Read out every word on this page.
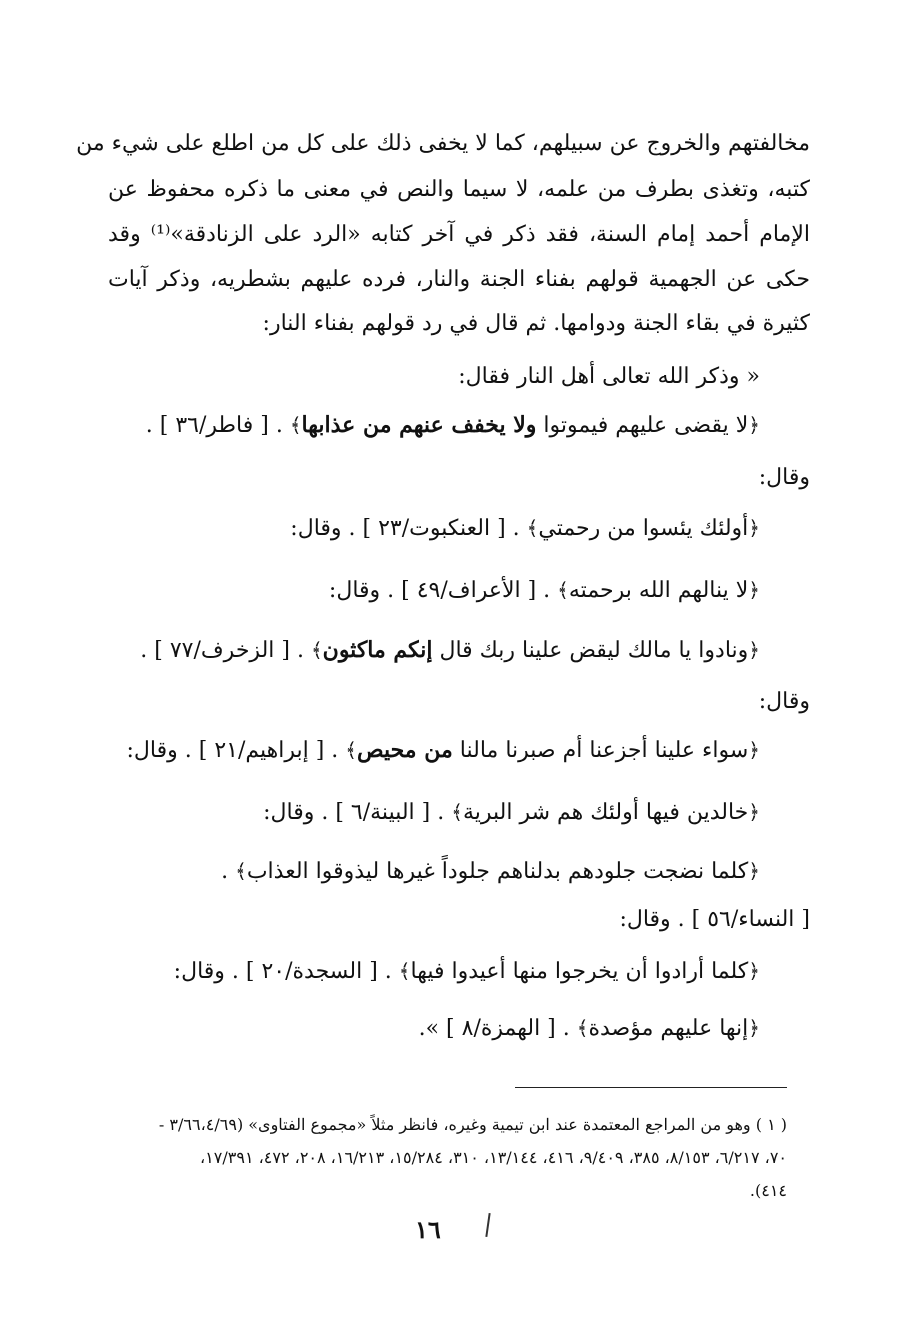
مخالفتهم والخروج عن سبيلهم، كما لا يخفى ذلك على كل من اطلع على شيء من
كتبه، وتغذى بطرف من علمه، لا سيما والنص في معنى ما ذكره محفوظ عن
الإمام أحمد إمام السنة، فقد ذكر في آخر كتابه «الرد على الزنادقة»⁽¹⁾ وقد
حكى عن الجهمية قولهم بفناء الجنة والنار، فرده عليهم بشطريه، وذكر آيات
كثيرة في بقاء الجنة ودوامها. ثم قال في رد قولهم بفناء النار:
« وذكر الله تعالى أهل النار فقال:
﴿لا يقضى عليهم فيموتوا ولا يخفف عنهم من عذابها﴾ . [ فاطر/٣٦ ] .
وقال:
﴿أولئك يئسوا من رحمتي﴾ . [ العنكبوت/٢٣ ] . وقال:
﴿لا ينالهم الله برحمته﴾ . [ الأعراف/٤٩ ] . وقال:
﴿ونادوا يا مالك ليقض علينا ربك قال إنكم ماكثون﴾ . [ الزخرف/٧٧ ] .
وقال:
﴿سواء علينا أجزعنا أم صبرنا مالنا من محيص﴾ . [ إبراهيم/٢١ ] . وقال:
﴿خالدين فيها أولئك هم شر البرية﴾ . [ البينة/٦ ] . وقال:
﴿كلما نضجت جلودهم بدلناهم جلوداً غيرها ليذوقوا العذاب﴾ .
[ النساء/٥٦ ] . وقال:
﴿كلما أرادوا أن يخرجوا منها أعيدوا فيها﴾ . [ السجدة/٢٠ ] . وقال:
﴿إنها عليهم مؤصدة﴾ . [ الهمزة/٨ ] ».
( ١ ) وهو من المراجع المعتمدة عند ابن تيمية وغيره، فانظر مثلاً «مجموع الفتاوى» (٣/٦٦،٤/٦٩ -
٧٠، ٦/٢١٧، ٨/١٥٣، ٣٨٥، ٩/٤٠٩، ٤١٦، ١٣/١٤٤، ٣١٠، ١٥/٢٨٤، ١٦/٢١٣، ٢٠٨، ٤٧٢، ١٧/٣٩١،
٤١٤).
١٦
